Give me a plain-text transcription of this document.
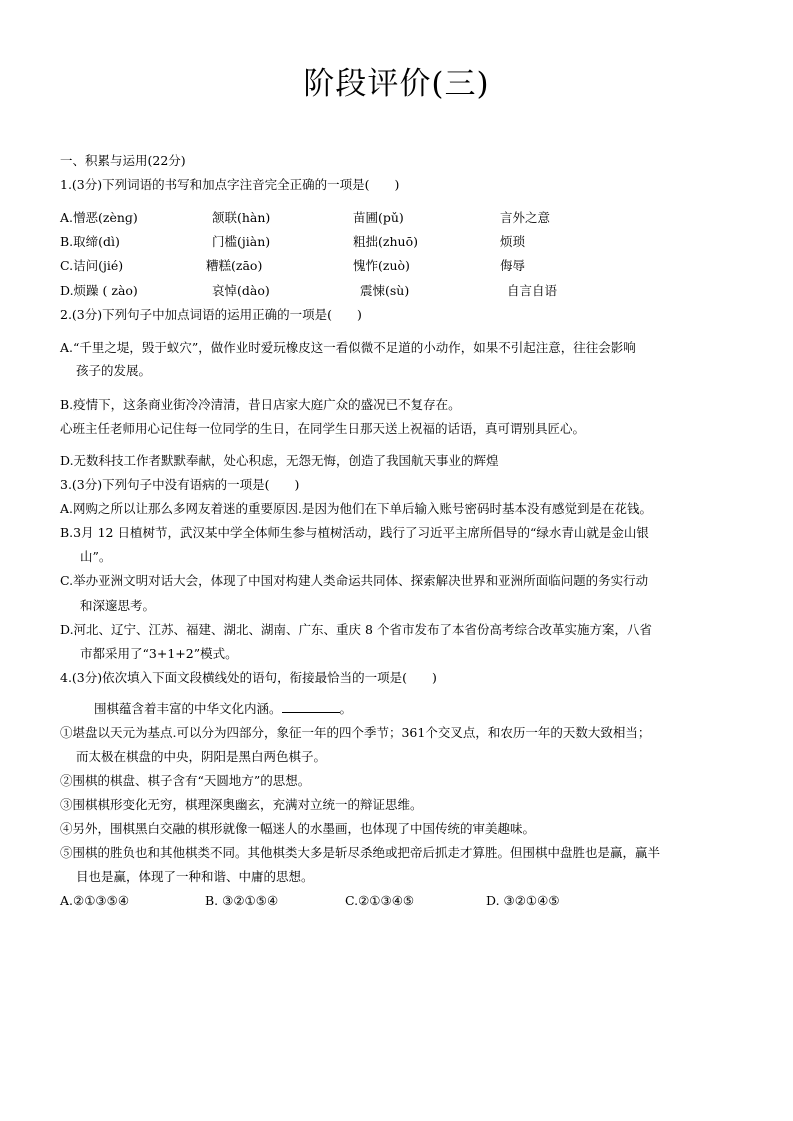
阶段评价(三)
一、积累与运用(22分)
1.(3分)下列词语的书写和加点字注音完全正确的一项是(　　)
A.憎恶(zènɡ)	颔联(hàn)	苗圃(pǔ)	言外之意
B.取缔(dì)	门槛(jiàn)	粗拙(zhuō)	烦琐
C.诘问(jié)	糟糕(zāo)	愧怍(zuò)	侮辱
D.烦躁 ( zào)	哀悼(dào)	震悚(sù)	自言自语
2.(3分)下列句子中加点词语的运用正确的一项是(　　)
A.“千里之堤，毁于蚁穴”，做作业时爱玩橡皮这一看似微不足道的小动作，如果不引起注意，往往会影响
孩子的发展。
B.疫情下，这条商业街冷冷清清，昔日店家大庭广众的盛况已不复存在。
心班主任老师用心记住每一位同学的生日，在同学生日那天送上祝福的话语，真可谓别具匠心。
D.无数科技工作者默默奉献，处心积虑，无怨无悔，创造了我国航天事业的辉煌
3.(3分)下列句子中没有语病的一项是(　　)
A.网购之所以让那么多网友着迷的重要原因.是因为他们在下单后输入账号密码时基本没有感觉到是在花钱。
B.3月 12 日植树节，武汉某中学全体师生参与植树活动，践行了习近平主席所倡导的“绿水青山就是金山银
山”。
C.举办亚洲文明对话大会，体现了中国对构建人类命运共同体、探索解决世界和亚洲所面临问题的务实行动
和深邃思考。
D.河北、辽宁、江苏、福建、湖北、湖南、广东、重庆 8 个省市发布了本省份高考综合改革实施方案，八省
市都采用了“3+1+2”模式。
4.(3分)依次填入下面文段横线处的语句，衔接最恰当的一项是(　　)
围棋蕴含着丰富的中华文化内涵。	。
①堪盘以天元为基点.可以分为四部分，象征一年的四个季节；361个交叉点，和农历一年的天数大致相当；
而太极在棋盘的中央，阴阳是黑白两色棋子。
②围棋的棋盘、棋子含有“天圆地方”的思想。
③围棋棋形变化无穷，棋理深奥幽玄，充满对立统一的辩证思维。
④另外，围棋黑白交融的棋形就像一幅迷人的水墨画，也体现了中国传统的审美趣味。
⑤围棋的胜负也和其他棋类不同。其他棋类大多是斩尽杀绝或把帝后抓走才算胜。但围棋中盘胜也是赢，赢半
目也是赢，体现了一种和谐、中庸的思想。
A.②①③⑤④	B. ③②①⑤④	C.②①③④⑤	D. ③②①④⑤
